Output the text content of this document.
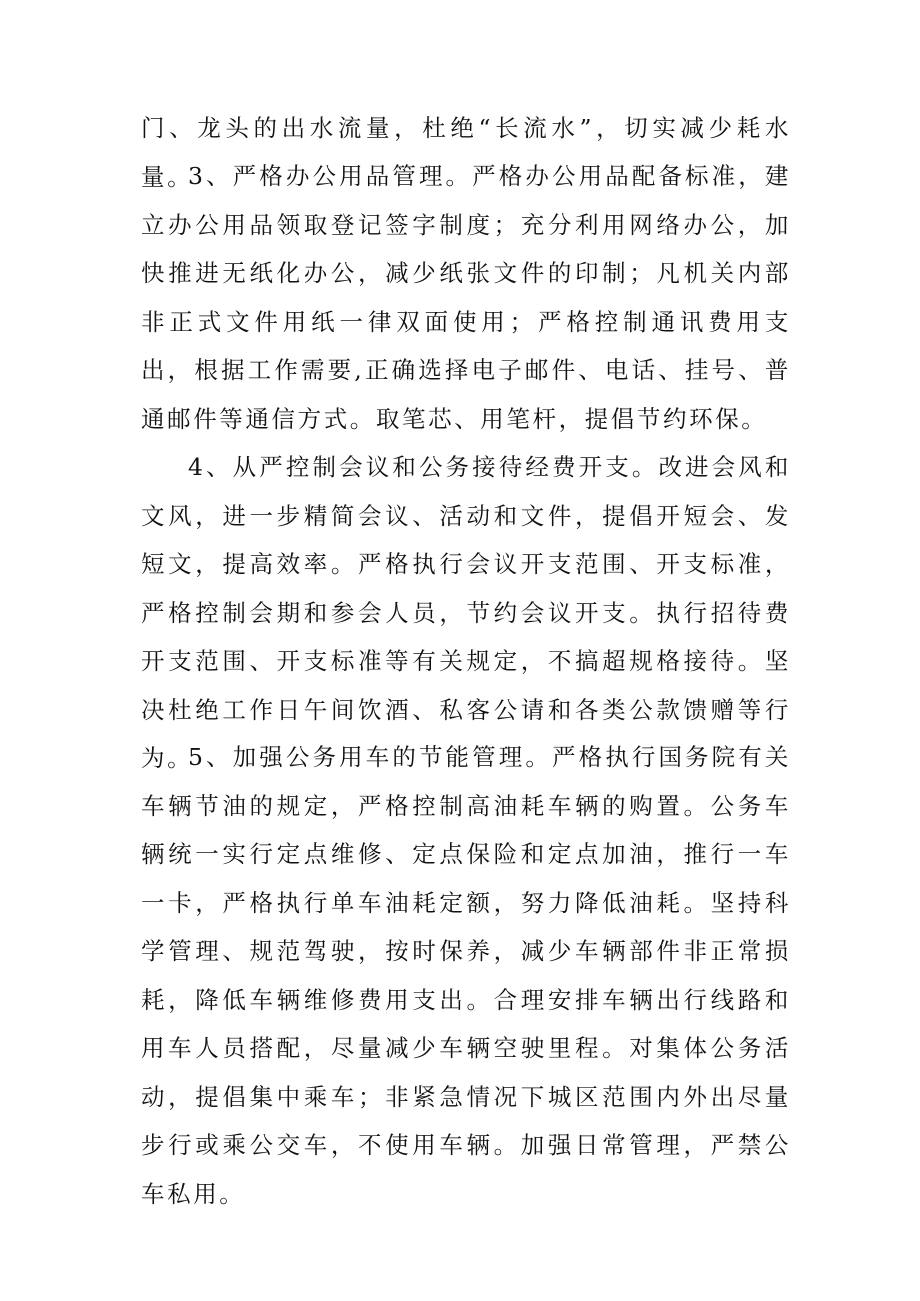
门、龙头的出水流量，杜绝“长流水”，切实减少耗水量。

3、严格办公用品管理。严格办公用品配备标准，建立办公用品领取登记签字制度；充分利用网络办公，加快推进无纸化办公，减少纸张文件的印制；凡机关内部非正式文件用纸一律双面使用；严格控制通讯费用支出，根据工作需要,正确选择电子邮件、电话、挂号、普通邮件等通信方式。取笔芯、用笔杆，提倡节约环保。

4、从严控制会议和公务接待经费开支。改进会风和文风，进一步精简会议、活动和文件，提倡开短会、发短文，提高效率。严格执行会议开支范围、开支标准，严格控制会期和参会人员，节约会议开支。执行招待费开支范围、开支标准等有关规定，不搞超规格接待。坚决杜绝工作日午间饮酒、私客公请和各类公款馈赠等行为。

5、加强公务用车的节能管理。严格执行国务院有关车辆节油的规定，严格控制高油耗车辆的购置。公务车辆统一实行定点维修、定点保险和定点加油，推行一车一卡，严格执行单车油耗定额，努力降低油耗。坚持科学管理、规范驾驶，按时保养，减少车辆部件非正常损耗，降低车辆维修费用支出。合理安排车辆出行线路和用车人员搭配，尽量减少车辆空驶里程。对集体公务活动，提倡集中乘车；非紧急情况下城区范围内外出尽量步行或乘公交车，不使用车辆。加强日常管理，严禁公车私用。
